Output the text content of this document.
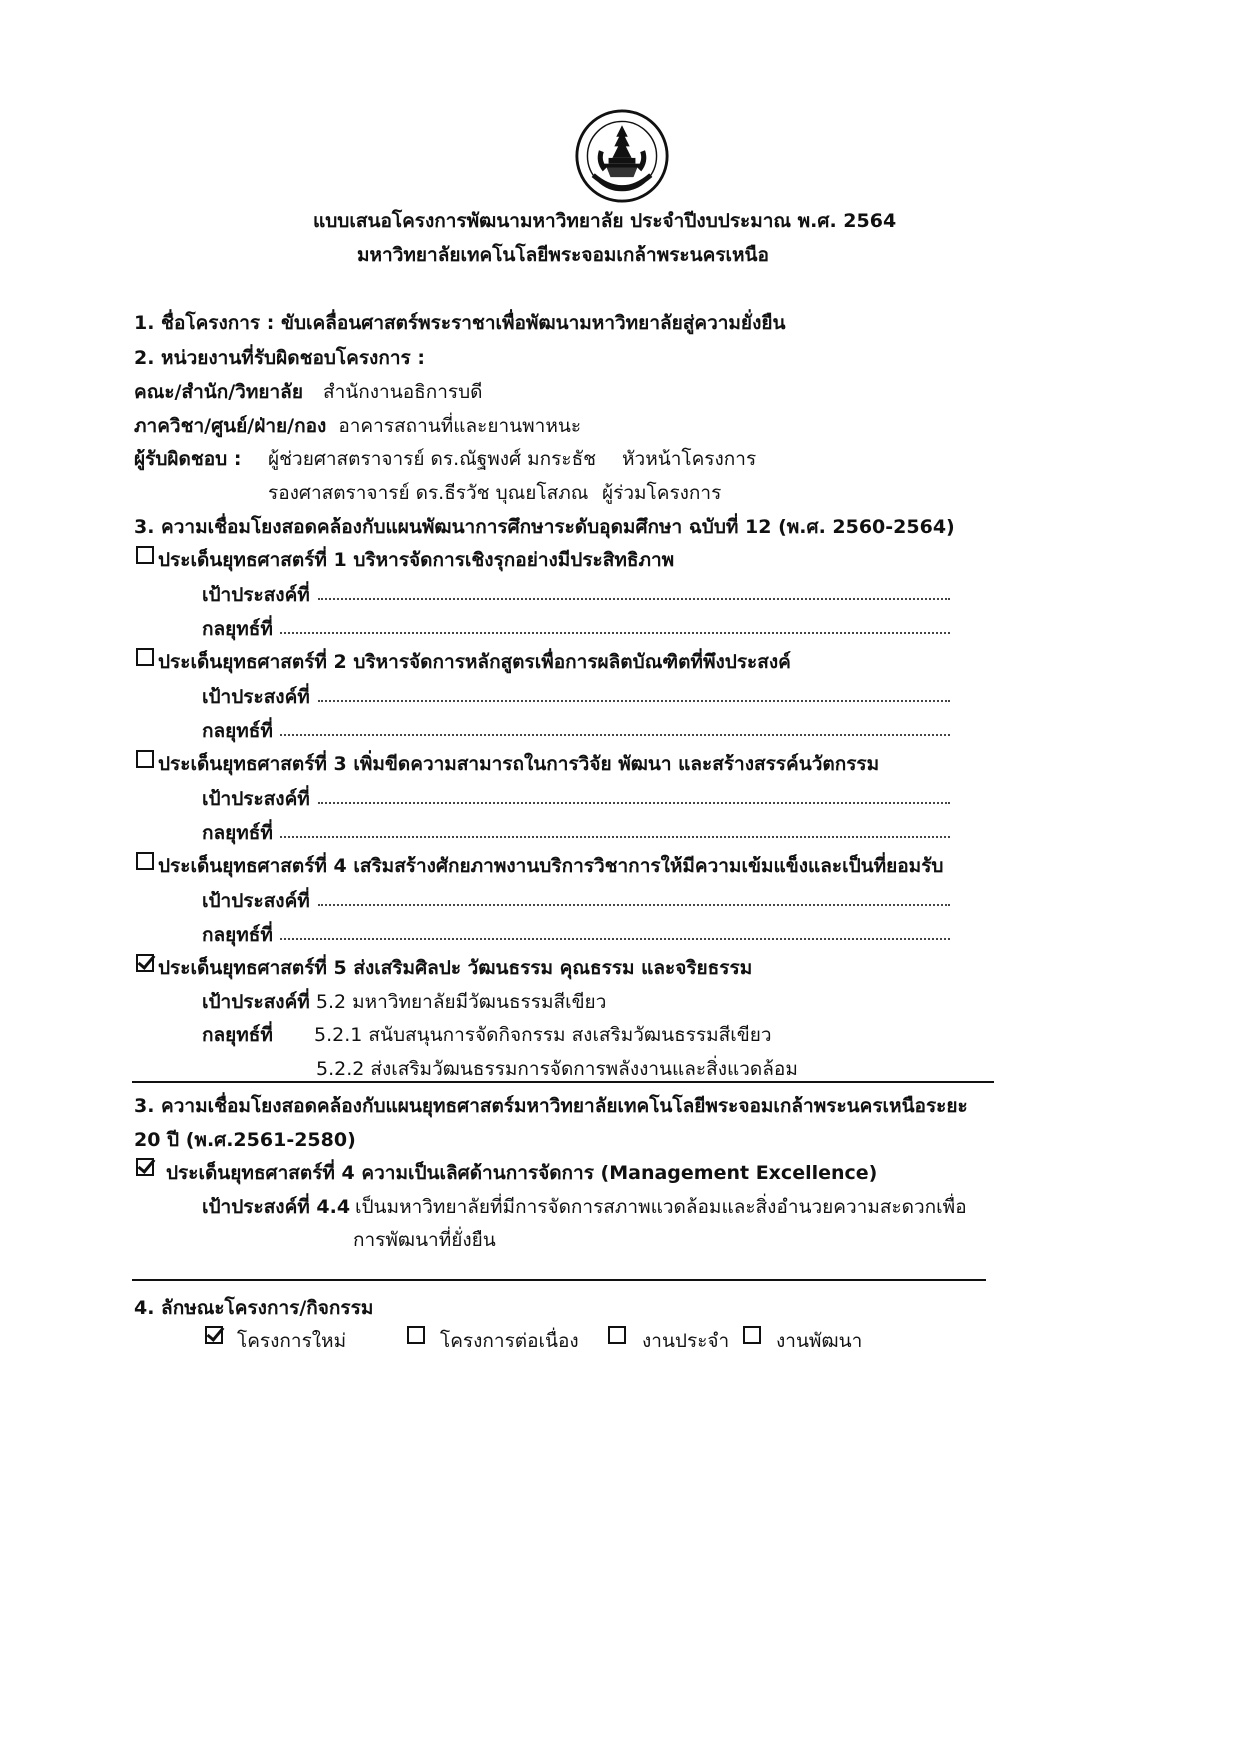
แบบเสนอโครงการพัฒนามหาวิทยาลัย ประจำปีงบประมาณ พ.ศ. 2564
มหาวิทยาลัยเทคโนโลยีพระจอมเกล้าพระนครเหนือ
1. ชื่อโครงการ : ขับเคลื่อนศาสตร์พระราชาเพื่อพัฒนามหาวิทยาลัยสู่ความยั่งยืน
2. หน่วยงานที่รับผิดชอบโครงการ :
คณะ/สำนัก/วิทยาลัย สำนักงานอธิการบดี
ภาควิชา/ศูนย์/ฝ่าย/กอง อาคารสถานที่และยานพาหนะ
ผู้รับผิดชอบ : ผู้ช่วยศาสตราจารย์ ดร.ณัฐพงศ์ มกระธัช หัวหน้าโครงการ
รองศาสตราจารย์ ดร.ธีรวัช บุณยโสภณ ผู้ร่วมโครงการ
3. ความเชื่อมโยงสอดคล้องกับแผนพัฒนาการศึกษาระดับอุดมศึกษา ฉบับที่ 12 (พ.ศ. 2560-2564)
ประเด็นยุทธศาสตร์ที่ 1 บริหารจัดการเชิงรุกอย่างมีประสิทธิภาพ
เป้าประสงค์ที่
กลยุทธ์ที่
ประเด็นยุทธศาสตร์ที่ 2 บริหารจัดการหลักสูตรเพื่อการผลิตบัณฑิตที่พึงประสงค์
เป้าประสงค์ที่
กลยุทธ์ที่
ประเด็นยุทธศาสตร์ที่ 3 เพิ่มขีดความสามารถในการวิจัย พัฒนา และสร้างสรรค์นวัตกรรม
เป้าประสงค์ที่
กลยุทธ์ที่
ประเด็นยุทธศาสตร์ที่ 4 เสริมสร้างศักยภาพงานบริการวิชาการให้มีความเข้มแข็งและเป็นที่ยอมรับ
เป้าประสงค์ที่
กลยุทธ์ที่
ประเด็นยุทธศาสตร์ที่ 5 ส่งเสริมศิลปะ วัฒนธรรม คุณธรรม และจริยธรรม
เป้าประสงค์ที่ 5.2 มหาวิทยาลัยมีวัฒนธรรมสีเขียว
กลยุทธ์ที่ 5.2.1 สนับสนุนการจัดกิจกรรม สงเสริมวัฒนธรรมสีเขียว
5.2.2 ส่งเสริมวัฒนธรรมการจัดการพลังงานและสิ่งแวดล้อม
3. ความเชื่อมโยงสอดคล้องกับแผนยุทธศาสตร์มหาวิทยาลัยเทคโนโลยีพระจอมเกล้าพระนครเหนือระยะ
20 ปี (พ.ศ.2561-2580)
ประเด็นยุทธศาสตร์ที่ 4 ความเป็นเลิศด้านการจัดการ (Management Excellence)
เป้าประสงค์ที่ 4.4 เป็นมหาวิทยาลัยที่มีการจัดการสภาพแวดล้อมและสิ่งอำนวยความสะดวกเพื่อ
การพัฒนาที่ยั่งยืน
4. ลักษณะโครงการ/กิจกรรม
โครงการใหม่	โครงการต่อเนื่อง	งานประจำ งานพัฒนา
